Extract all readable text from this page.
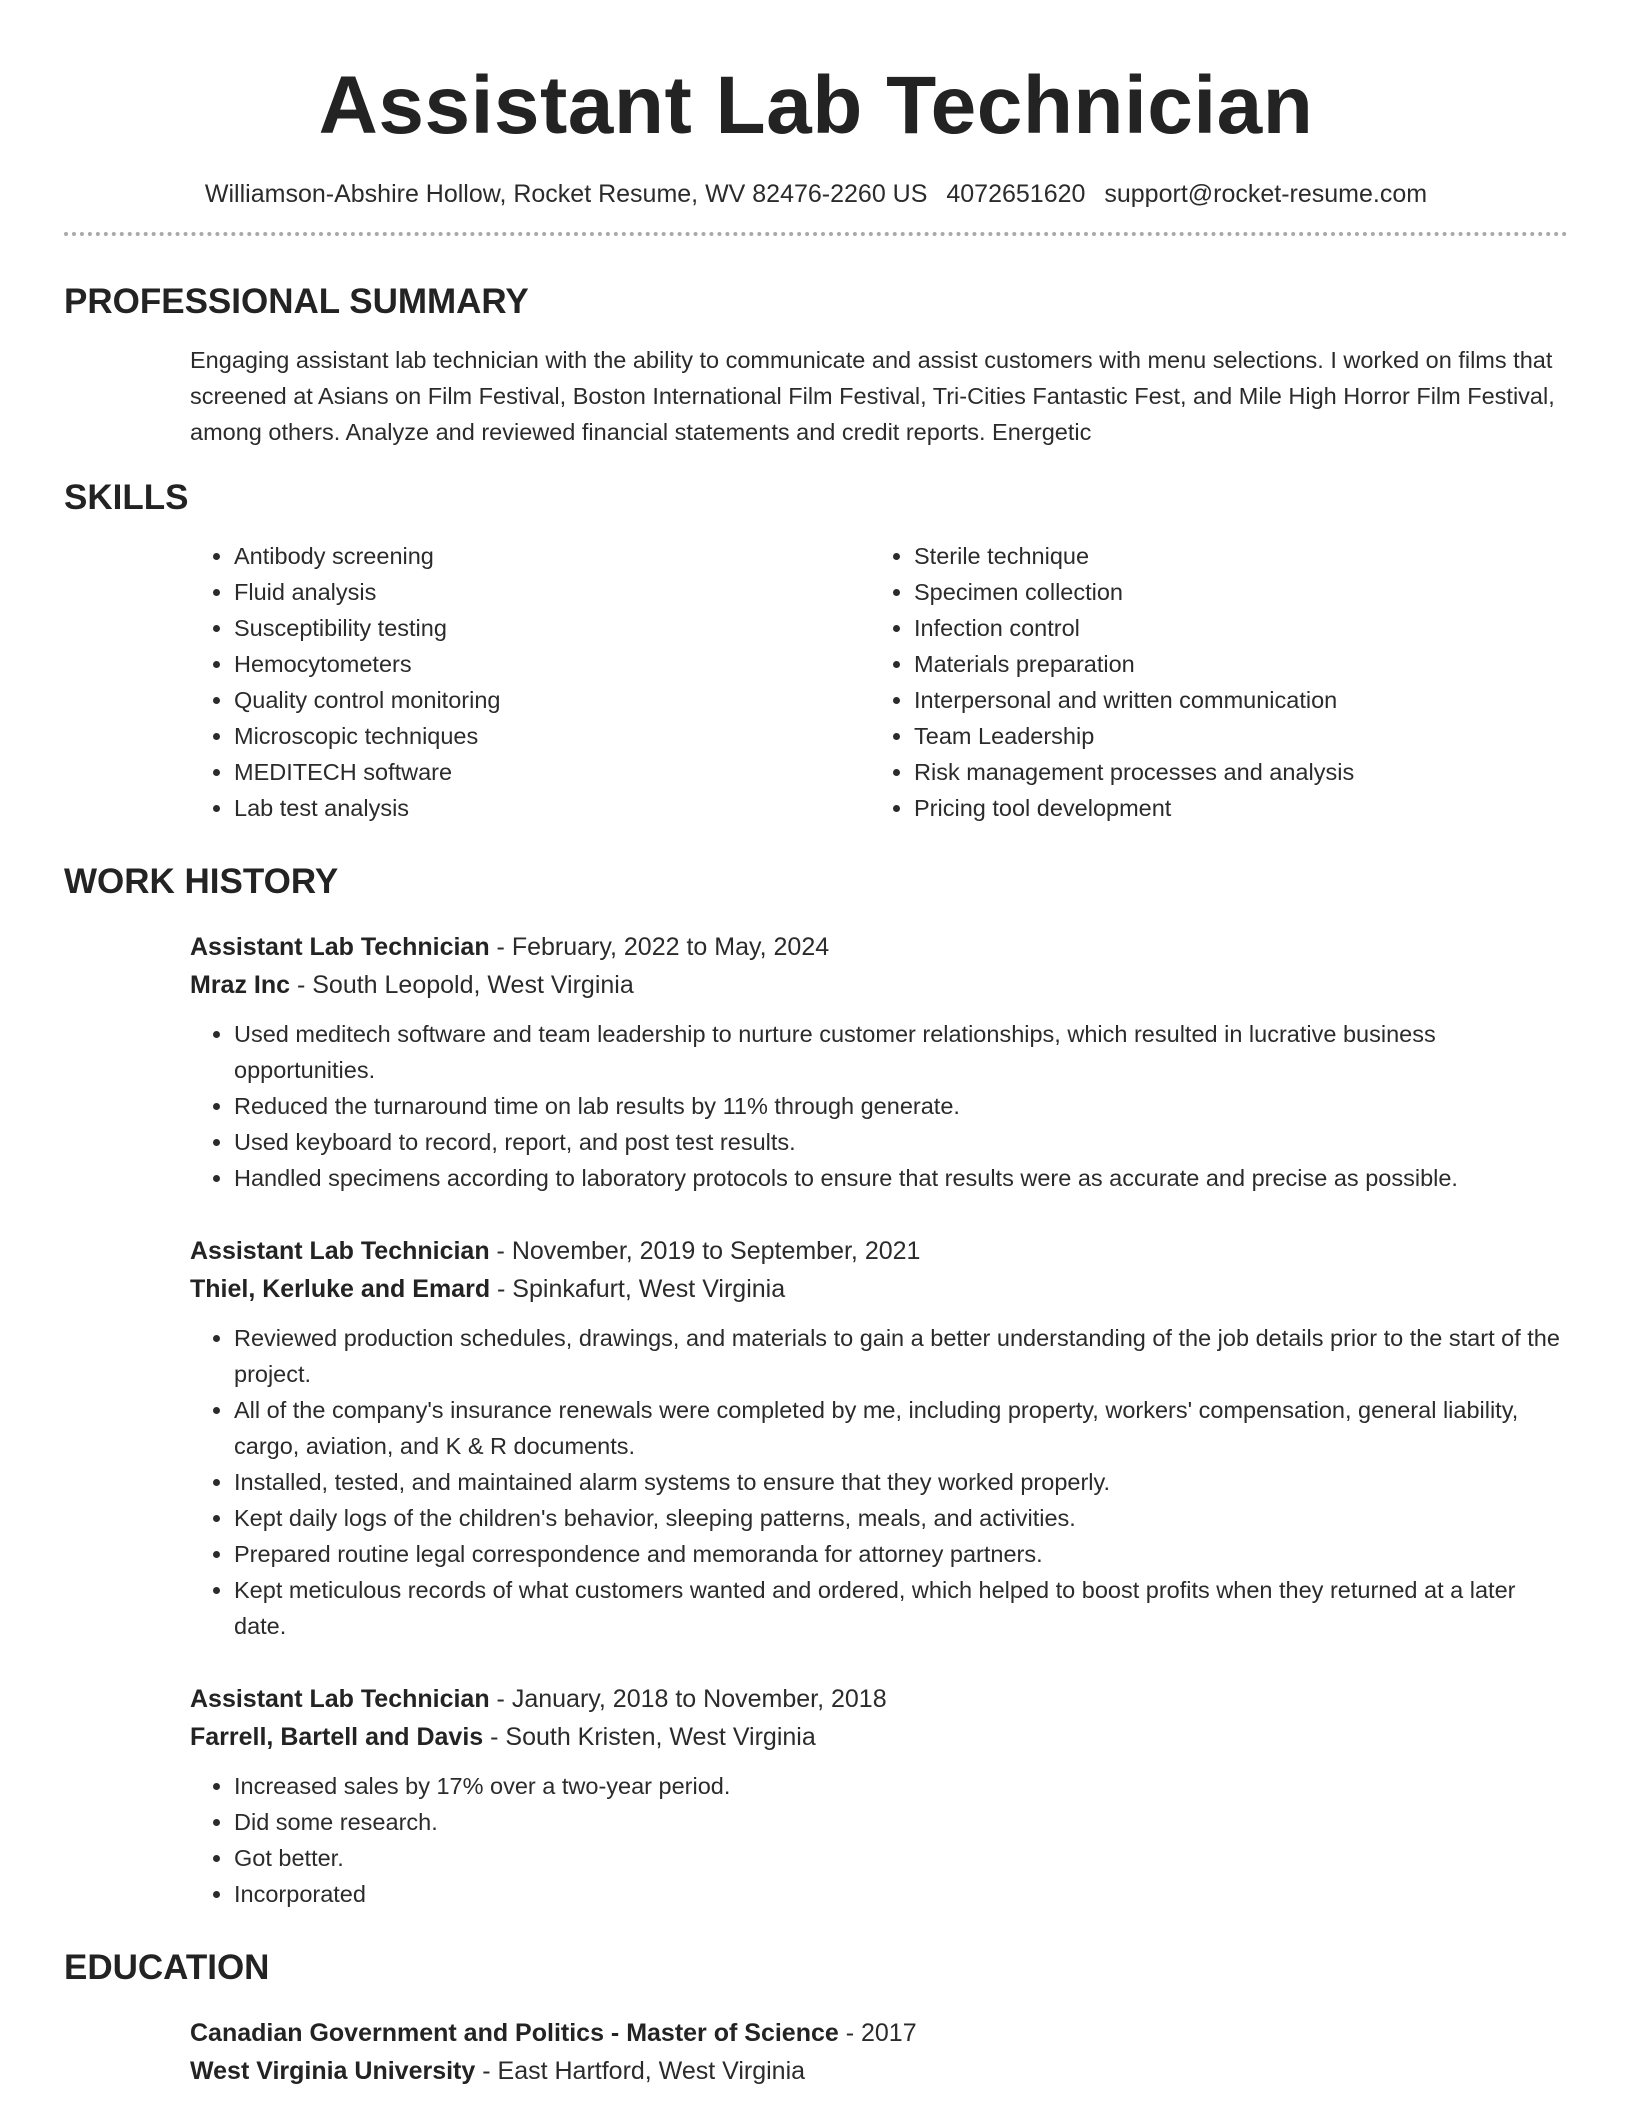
Assistant Lab Technician
Williamson-Abshire Hollow, Rocket Resume, WV 82476-2260 US 4072651620 support@rocket-resume.com
PROFESSIONAL SUMMARY

Engaging assistant lab technician with the ability to communicate and assist customers with menu selections. I worked on films that screened at Asians on Film Festival, Boston International Film Festival, Tri-Cities Fantastic Fest, and Mile High Horror Film Festival, among others. Analyze and reviewed financial statements and credit reports. Energetic

SKILLS
• Antibody screening
• Fluid analysis
• Susceptibility testing
• Hemocytometers
• Quality control monitoring
• Microscopic techniques
• MEDITECH software
• Lab test analysis
• Sterile technique
• Specimen collection
• Infection control
• Materials preparation
• Interpersonal and written communication
• Team Leadership
• Risk management processes and analysis
• Pricing tool development
WORK HISTORY
Assistant Lab Technician - February, 2022 to May, 2024
Mraz Inc - South Leopold, West Virginia
• Used meditech software and team leadership to nurture customer relationships, which resulted in lucrative business opportunities.
• Reduced the turnaround time on lab results by 11% through generate.
• Used keyboard to record, report, and post test results.
• Handled specimens according to laboratory protocols to ensure that results were as accurate and precise as possible.
Assistant Lab Technician - November, 2019 to September, 2021
Thiel, Kerluke and Emard - Spinkafurt, West Virginia
• Reviewed production schedules, drawings, and materials to gain a better understanding of the job details prior to the start of the project.
• All of the company's insurance renewals were completed by me, including property, workers' compensation, general liability, cargo, aviation, and K & R documents.
• Installed, tested, and maintained alarm systems to ensure that they worked properly.
• Kept daily logs of the children's behavior, sleeping patterns, meals, and activities.
• Prepared routine legal correspondence and memoranda for attorney partners.
• Kept meticulous records of what customers wanted and ordered, which helped to boost profits when they returned at a later date.
Assistant Lab Technician - January, 2018 to November, 2018
Farrell, Bartell and Davis - South Kristen, West Virginia
• Increased sales by 17% over a two-year period.
• Did some research.
• Got better.
• Incorporated
EDUCATION
Canadian Government and Politics - Master of Science - 2017
West Virginia University - East Hartford, West Virginia
